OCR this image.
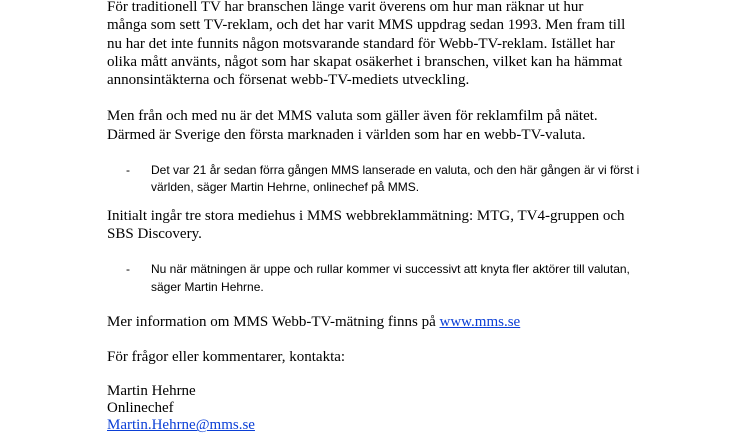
För traditionell TV har branschen länge varit överens om hur man räknar ut hur många som sett TV-reklam, och det har varit MMS uppdrag sedan 1993. Men fram till nu har det inte funnits någon motsvarande standard för Webb-TV-reklam. Istället har olika mått använts, något som har skapat osäkerhet i branschen, vilket kan ha hämmat annonsintäkterna och försenat webb-TV-mediets utveckling.

Men från och med nu är det MMS valuta som gäller även för reklamfilm på nätet. Därmed är Sverige den första marknaden i världen som har en webb-TV-valuta.

- Det var 21 år sedan förra gången MMS lanserade en valuta, och den här gången är vi först i världen, säger Martin Hehrne, onlinechef på MMS.

Initialt ingår tre stora mediehus i MMS webbreklammätning: MTG, TV4-gruppen och SBS Discovery.

- Nu när mätningen är uppe och rullar kommer vi successivt att knyta fler aktörer till valutan, säger Martin Hehrne.

Mer information om MMS Webb-TV-mätning finns på www.mms.se

För frågor eller kommentarer, kontakta:

Martin Hehrne
Onlinechef
Martin.Hehrne@mms.se
